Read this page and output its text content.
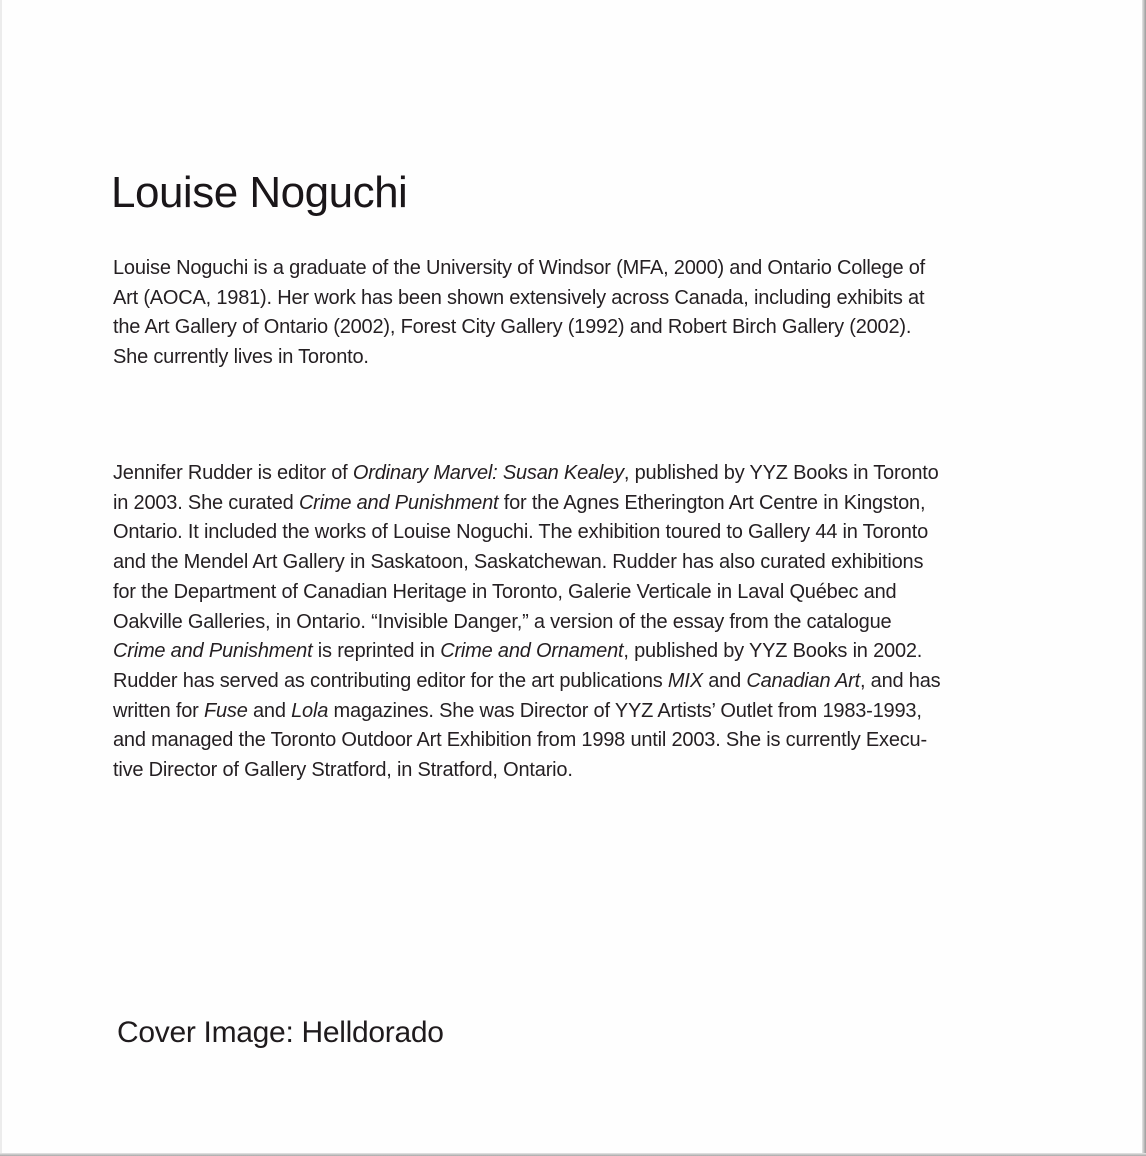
Louise Noguchi

Louise Noguchi is a graduate of the University of Windsor (MFA, 2000) and Ontario College of
Art (AOCA, 1981). Her work has been shown extensively across Canada, including exhibits at
the Art Gallery of Ontario (2002), Forest City Gallery (1992) and Robert Birch Gallery (2002).
She currently lives in Toronto.

Jennifer Rudder is editor of Ordinary Marvel: Susan Kealey, published by YYZ Books in Toronto
in 2003. She curated Crime and Punishment for the Agnes Etherington Art Centre in Kingston,
Ontario. It included the works of Louise Noguchi. The exhibition toured to Gallery 44 in Toronto
and the Mendel Art Gallery in Saskatoon, Saskatchewan. Rudder has also curated exhibitions
for the Department of Canadian Heritage in Toronto, Galerie Verticale in Laval Québec and
Oakville Galleries, in Ontario. “Invisible Danger,” a version of the essay from the catalogue
Crime and Punishment is reprinted in Crime and Ornament, published by YYZ Books in 2002.
Rudder has served as contributing editor for the art publications MIX and Canadian Art, and has
written for Fuse and Lola magazines. She was Director of YYZ Artists’ Outlet from 1983-1993,
and managed the Toronto Outdoor Art Exhibition from 1998 until 2003. She is currently Execu-
tive Director of Gallery Stratford, in Stratford, Ontario.

Cover Image: Helldorado
